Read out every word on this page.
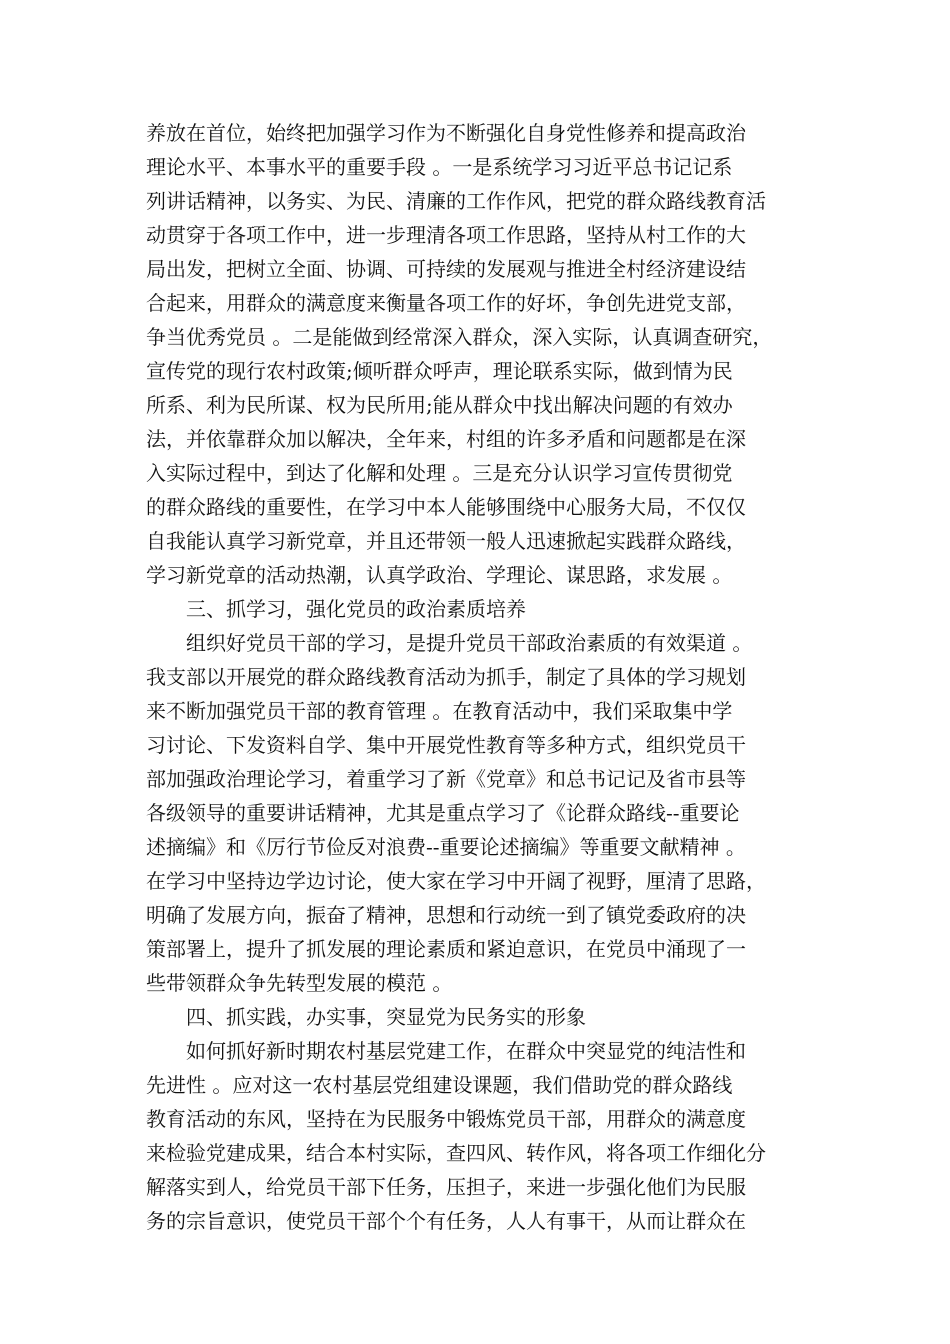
养放在首位，始终把加强学习作为不断强化自身党性修养和提高政治
理论水平、本事水平的重要手段 。一是系统学习习近平总书记记系
列讲话精神，以务实、为民、清廉的工作作风，把党的群众路线教育活
动贯穿于各项工作中，进一步理清各项工作思路，坚持从村工作的大
局出发，把树立全面、协调、可持续的发展观与推进全村经济建设结
合起来，用群众的满意度来衡量各项工作的好坏，争创先进党支部，
争当优秀党员 。二是能做到经常深入群众，深入实际，认真调查研究，
宣传党的现行农村政策;倾听群众呼声，理论联系实际，做到情为民
所系、利为民所谋、权为民所用;能从群众中找出解决问题的有效办
法，并依靠群众加以解决，全年来，村组的许多矛盾和问题都是在深
入实际过程中，到达了化解和处理 。三是充分认识学习宣传贯彻党
的群众路线的重要性，在学习中本人能够围绕中心服务大局，不仅仅
自我能认真学习新党章，并且还带领一般人迅速掀起实践群众路线，
学习新党章的活动热潮，认真学政治、学理论、谋思路，求发展 。
三、抓学习，强化党员的政治素质培养
组织好党员干部的学习，是提升党员干部政治素质的有效渠道 。
我支部以开展党的群众路线教育活动为抓手，制定了具体的学习规划
来不断加强党员干部的教育管理 。在教育活动中，我们采取集中学
习讨论、下发资料自学、集中开展党性教育等多种方式，组织党员干
部加强政治理论学习，着重学习了新《党章》和总书记记及省市县等
各级领导的重要讲话精神，尤其是重点学习了《论群众路线--重要论
述摘编》和《厉行节俭反对浪费--重要论述摘编》等重要文献精神 。
在学习中坚持边学边讨论，使大家在学习中开阔了视野，厘清了思路，
明确了发展方向，振奋了精神，思想和行动统一到了镇党委政府的决
策部署上，提升了抓发展的理论素质和紧迫意识，在党员中涌现了一
些带领群众争先转型发展的模范 。
四、抓实践，办实事，突显党为民务实的形象
如何抓好新时期农村基层党建工作，在群众中突显党的纯洁性和
先进性 。应对这一农村基层党组建设课题，我们借助党的群众路线
教育活动的东风，坚持在为民服务中锻炼党员干部，用群众的满意度
来检验党建成果，结合本村实际，查四风、转作风，将各项工作细化分
解落实到人，给党员干部下任务，压担子，来进一步强化他们为民服
务的宗旨意识，使党员干部个个有任务，人人有事干，从而让群众在
